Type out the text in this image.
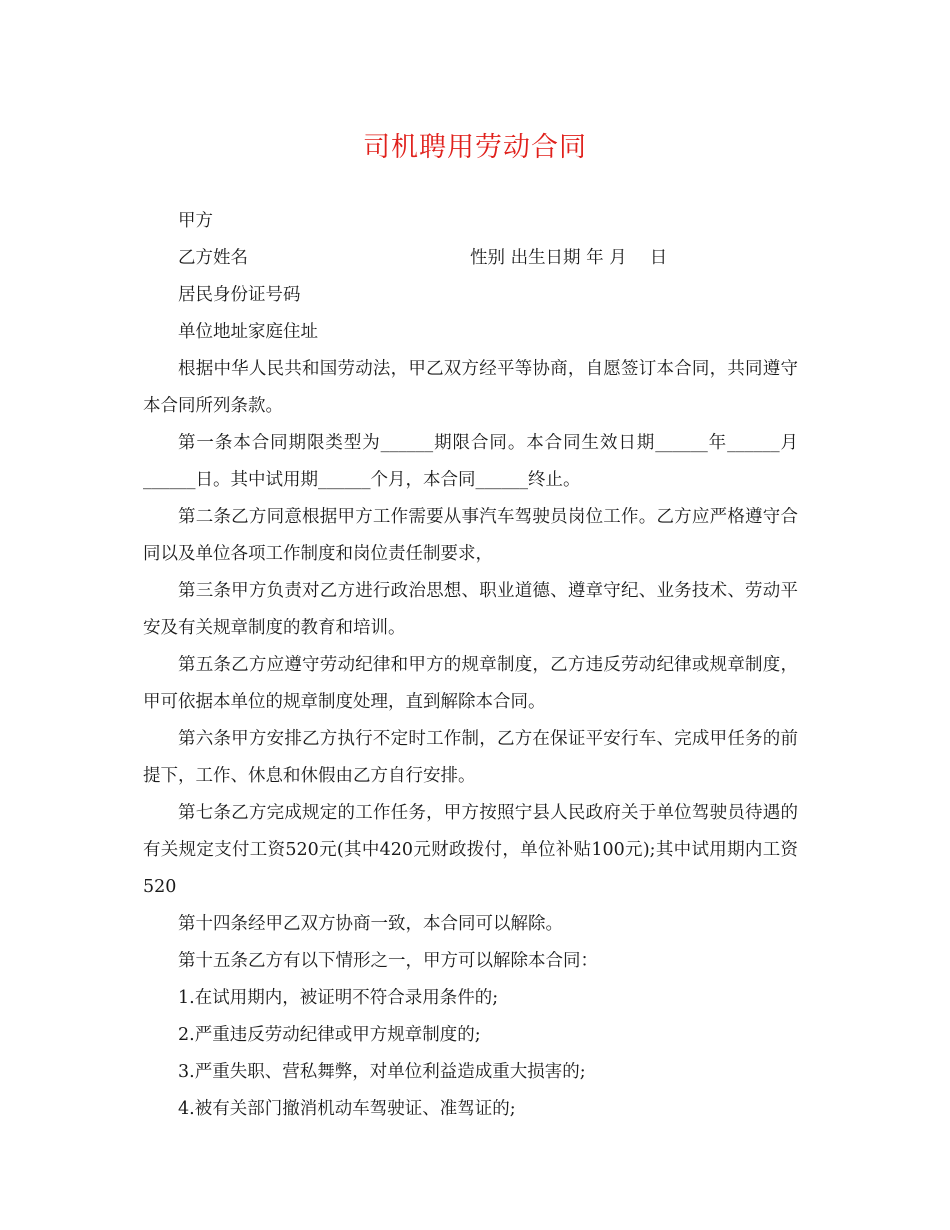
司机聘用劳动合同

甲方

乙方姓名	性别 出生日期 年 月　 日

居民身份证号码

单位地址家庭住址

根据中华人民共和国劳动法，甲乙双方经平等协商，自愿签订本合同，共同遵守本合同所列条款。

第一条本合同期限类型为______期限合同。本合同生效日期______年______月______日。其中试用期______个月，本合同______终止。

第二条乙方同意根据甲方工作需要从事汽车驾驶员岗位工作。乙方应严格遵守合同以及单位各项工作制度和岗位责任制要求，

第三条甲方负责对乙方进行政治思想、职业道德、遵章守纪、业务技术、劳动平安及有关规章制度的教育和培训。

第五条乙方应遵守劳动纪律和甲方的规章制度，乙方违反劳动纪律或规章制度，甲可依据本单位的规章制度处理，直到解除本合同。

第六条甲方安排乙方执行不定时工作制，乙方在保证平安行车、完成甲任务的前提下，工作、休息和休假由乙方自行安排。

第七条乙方完成规定的工作任务，甲方按照宁县人民政府关于单位驾驶员待遇的有关规定支付工资520元(其中420元财政拨付，单位补贴100元);其中试用期内工资520

第十四条经甲乙双方协商一致，本合同可以解除。

第十五条乙方有以下情形之一，甲方可以解除本合同：

1.在试用期内，被证明不符合录用条件的;

2.严重违反劳动纪律或甲方规章制度的;

3.严重失职、营私舞弊，对单位利益造成重大损害的;

4.被有关部门撤消机动车驾驶证、准驾证的;
